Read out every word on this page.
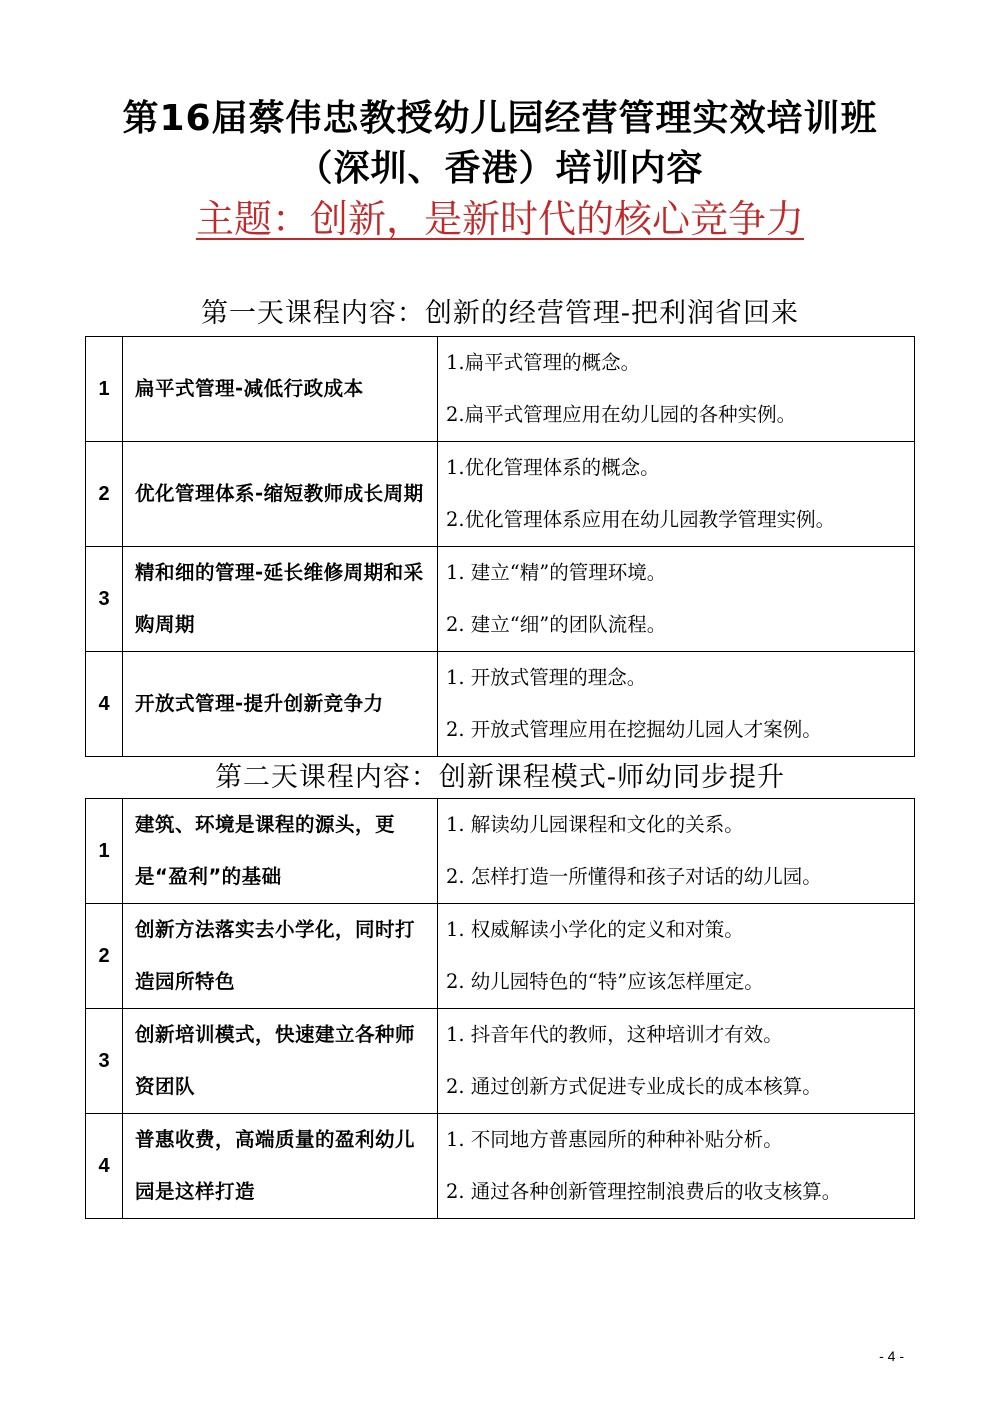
第16届蔡伟忠教授幼儿园经营管理实效培训班
（深圳、香港）培训内容
主题：创新，是新时代的核心竞争力
第一天课程内容：创新的经营管理-把利润省回来
1	扁平式管理-减低行政成本	1.扁平式管理的概念。
2.扁平式管理应用在幼儿园的各种实例。

2	优化管理体系-缩短教师成长周期	1.优化管理体系的概念。
2.优化管理体系应用在幼儿园教学管理实例。

3	精和细的管理-延长维修周期和采购周期	1. 建立“精”的管理环境。
2. 建立“细”的团队流程。

4	开放式管理-提升创新竞争力	1. 开放式管理的理念。
2. 开放式管理应用在挖掘幼儿园人才案例。
第二天课程内容：创新课程模式-师幼同步提升
1	建筑、环境是课程的源头，更是“盈利”的基础	1. 解读幼儿园课程和文化的关系。
2. 怎样打造一所懂得和孩子对话的幼儿园。

2	创新方法落实去小学化，同时打造园所特色	1. 权威解读小学化的定义和对策。
2. 幼儿园特色的“特”应该怎样厘定。

3	创新培训模式，快速建立各种师资团队	1. 抖音年代的教师，这种培训才有效。
2. 通过创新方式促进专业成长的成本核算。

4	普惠收费，高端质量的盈利幼儿园是这样打造	1. 不同地方普惠园所的种种补贴分析。
2. 通过各种创新管理控制浪费后的收支核算。
- 4 -
